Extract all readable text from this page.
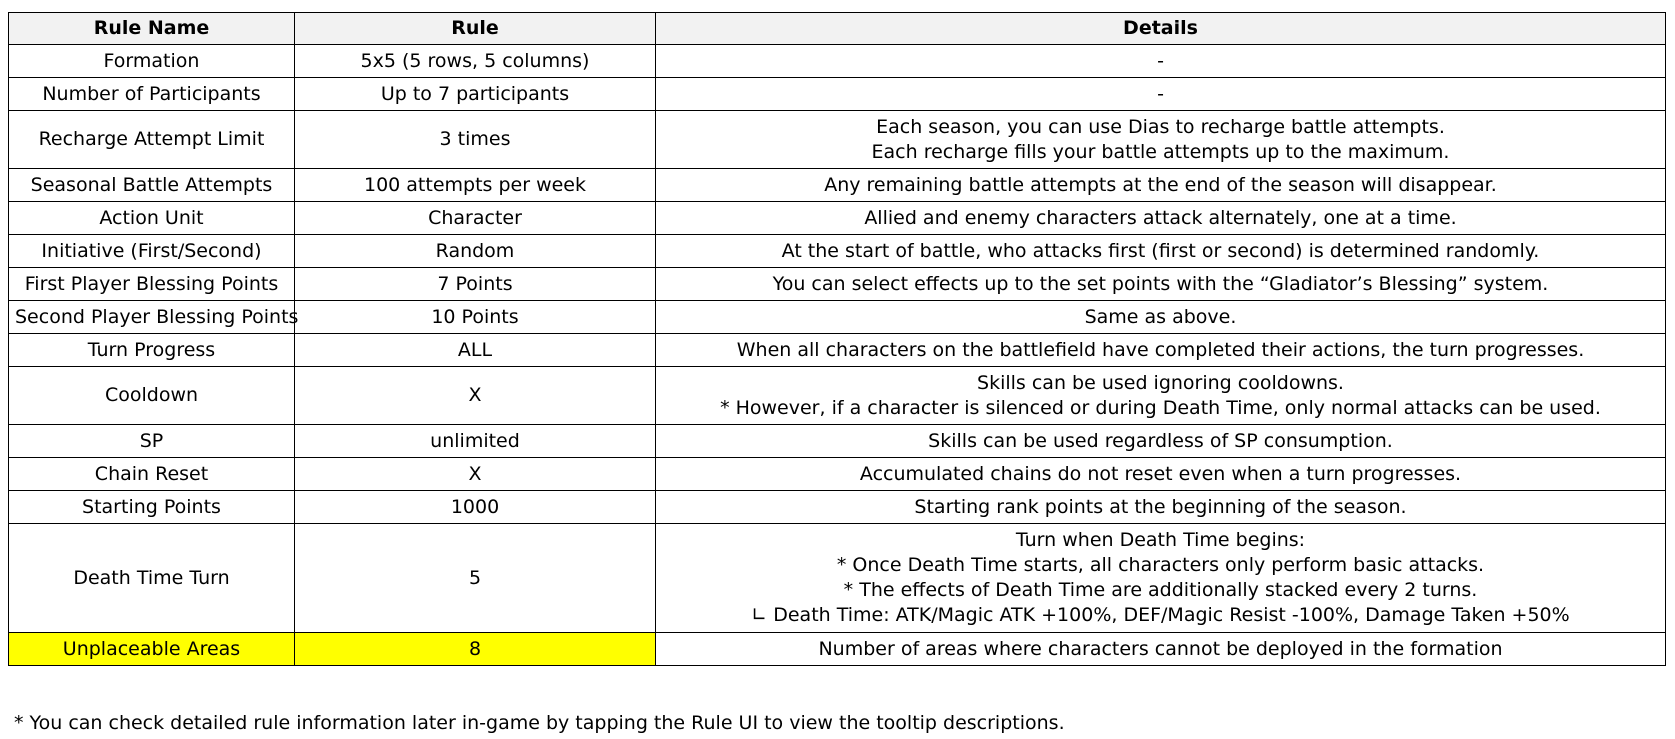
Rule Name	Rule	Details
Formation	5x5 (5 rows, 5 columns)	-

Number of Participants	Up to 7 participants	-

Recharge Attempt Limit	3 times	Each season, you can use Dias to recharge battle attempts.
Each recharge fills your battle attempts up to the maximum.

Seasonal Battle Attempts	100 attempts per week	Any remaining battle attempts at the end of the season will disappear.

Action Unit	Character	Allied and enemy characters attack alternately, one at a time.

Initiative (First/Second)	Random	At the start of battle, who attacks first (first or second) is determined randomly.

First Player Blessing Points	7 Points	You can select effects up to the set points with the “Gladiator’s Blessing” system.

Second Player Blessing Points	10 Points	Same as above.

Turn Progress	ALL	When all characters on the battlefield have completed their actions, the turn progresses.

Cooldown	X	Skills can be used ignoring cooldowns.
* However, if a character is silenced or during Death Time, only normal attacks can be used.

SP	unlimited	Skills can be used regardless of SP consumption.

Chain Reset	X	Accumulated chains do not reset even when a turn progresses.

Starting Points	1000	Starting rank points at the beginning of the season.

Death Time Turn	5	Turn when Death Time begins:
* Once Death Time starts, all characters only perform basic attacks.
* The effects of Death Time are additionally stacked every 2 turns.
∟ Death Time: ATK/Magic ATK +100%, DEF/Magic Resist -100%, Damage Taken +50%

Unplaceable Areas	8	Number of areas where characters cannot be deployed in the formation
* You can check detailed rule information later in-game by tapping the Rule UI to view the tooltip descriptions.
